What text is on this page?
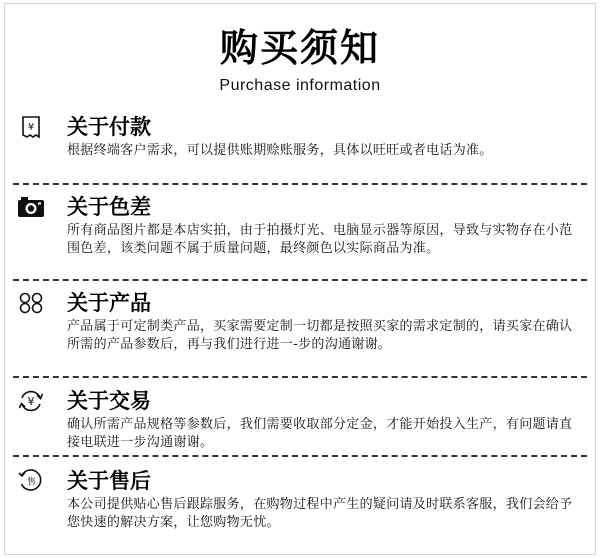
购买须知
Purchase information
¥ 关于付款
根据终端客户需求，可以提供账期赊账服务，具体以旺旺或者电话为准。
关于色差
所有商品图片都是本店实拍，由于拍摄灯光、电脑显示器等原因，导致与实物存在小范围色差，该类问题不属于质量问题，最终颜色以实际商品为准。
关于产品
产品属于可定制类产品，买家需要定制一切都是按照买家的需求定制的，请买家在确认所需的产品参数后，再与我们进行进一-步的沟通谢谢。
¥ 关于交易
确认所需产品规格等参数后，我们需要收取部分定金，才能开始投入生产，有问题请直接电联进一步沟通谢谢。
售 关于售后
本公司提供贴心售后跟踪服务，在购物过程中产生的疑问请及时联系客服，我们会给予您快速的解决方案，让您购物无忧。
